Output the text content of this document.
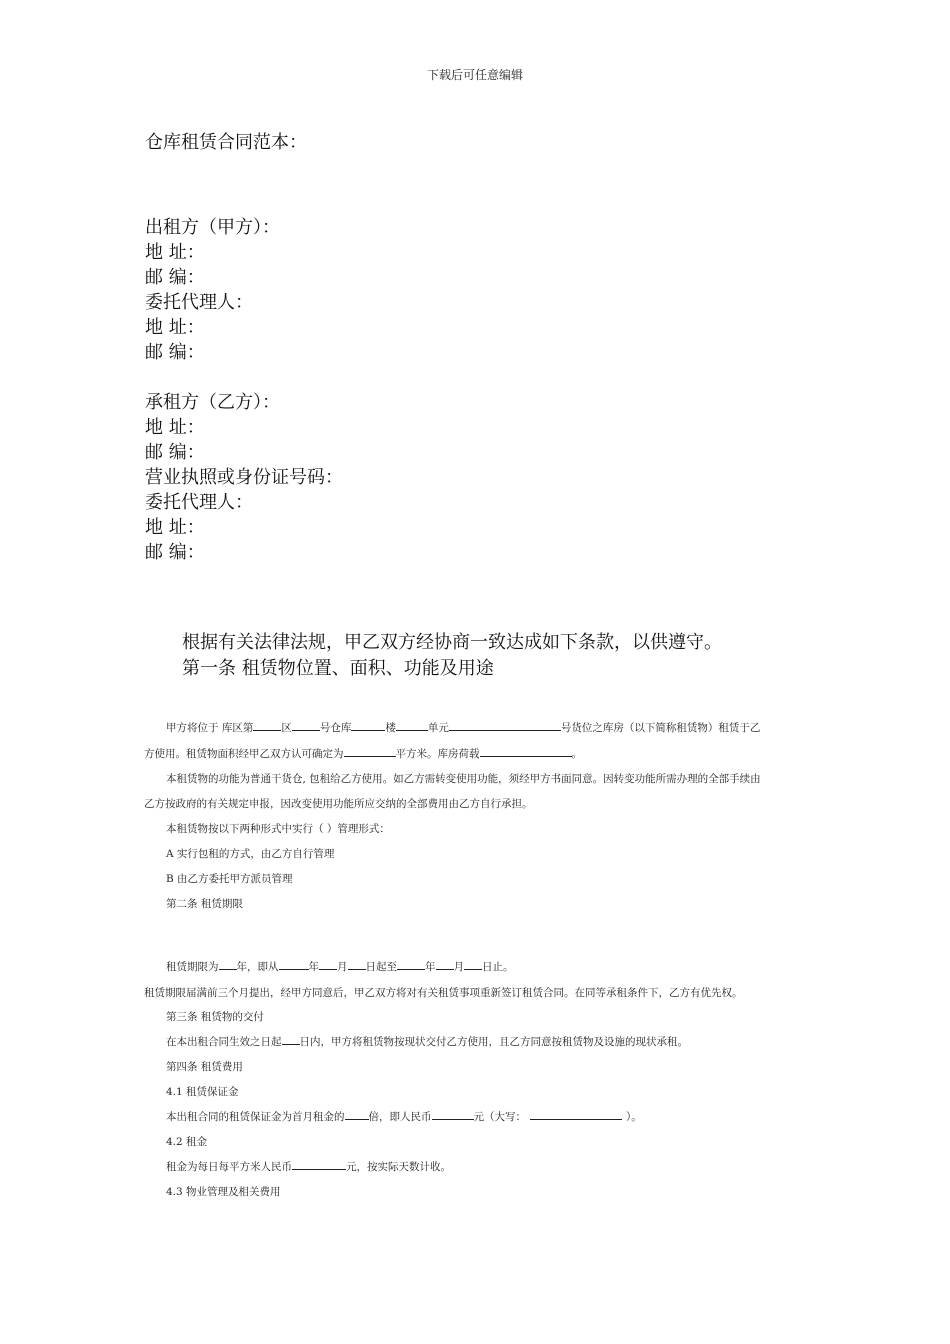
下载后可任意编辑
仓库租赁合同范本：
出租方（甲方）：
地 址：
邮 编：
委托代理人：
地 址：
邮 编：
承租方（乙方）：
地 址：
邮 编：
营业执照或身份证号码：
委托代理人：
地 址：
邮 编：
根据有关法律法规，甲乙双方经协商一致达成如下条款，以供遵守。
第一条 租赁物位置、面积、功能及用途
甲方将位于 库区第	区	号仓库	楼	单元	号货位之库房（以下简称租赁物）租赁于乙
方使用。租赁物面积经甲乙双方认可确定为	平方米。库房荷载	。
本租赁物的功能为普通干货仓, 包租给乙方使用。如乙方需转变使用功能，须经甲方书面同意。因转变功能所需办理的全部手续由
乙方按政府的有关规定申报，因改变使用功能所应交纳的全部费用由乙方自行承担。
本租赁物按以下两种形式中实行（ ）管理形式：
A 实行包租的方式，由乙方自行管理
B 由乙方委托甲方派员管理
第二条 租赁期限
租赁期限为 年，即从	年 月 日起至	年 月 日止。
租赁期限届满前三个月提出，经甲方同意后，甲乙双方将对有关租赁事项重新签订租赁合同。在同等承租条件下，乙方有优先权。
第三条 租赁物的交付
在本出租合同生效之日起 日内，甲方将租赁物按现状交付乙方使用，且乙方同意按租赁物及设施的现状承租。
第四条 租赁费用
4.1 租赁保证金
本出租合同的租赁保证金为首月租金的 倍，即人民币	元（大写：	）。
4.2 租金
租金为每日每平方米人民币	元，按实际天数计收。
4.3 物业管理及相关费用
